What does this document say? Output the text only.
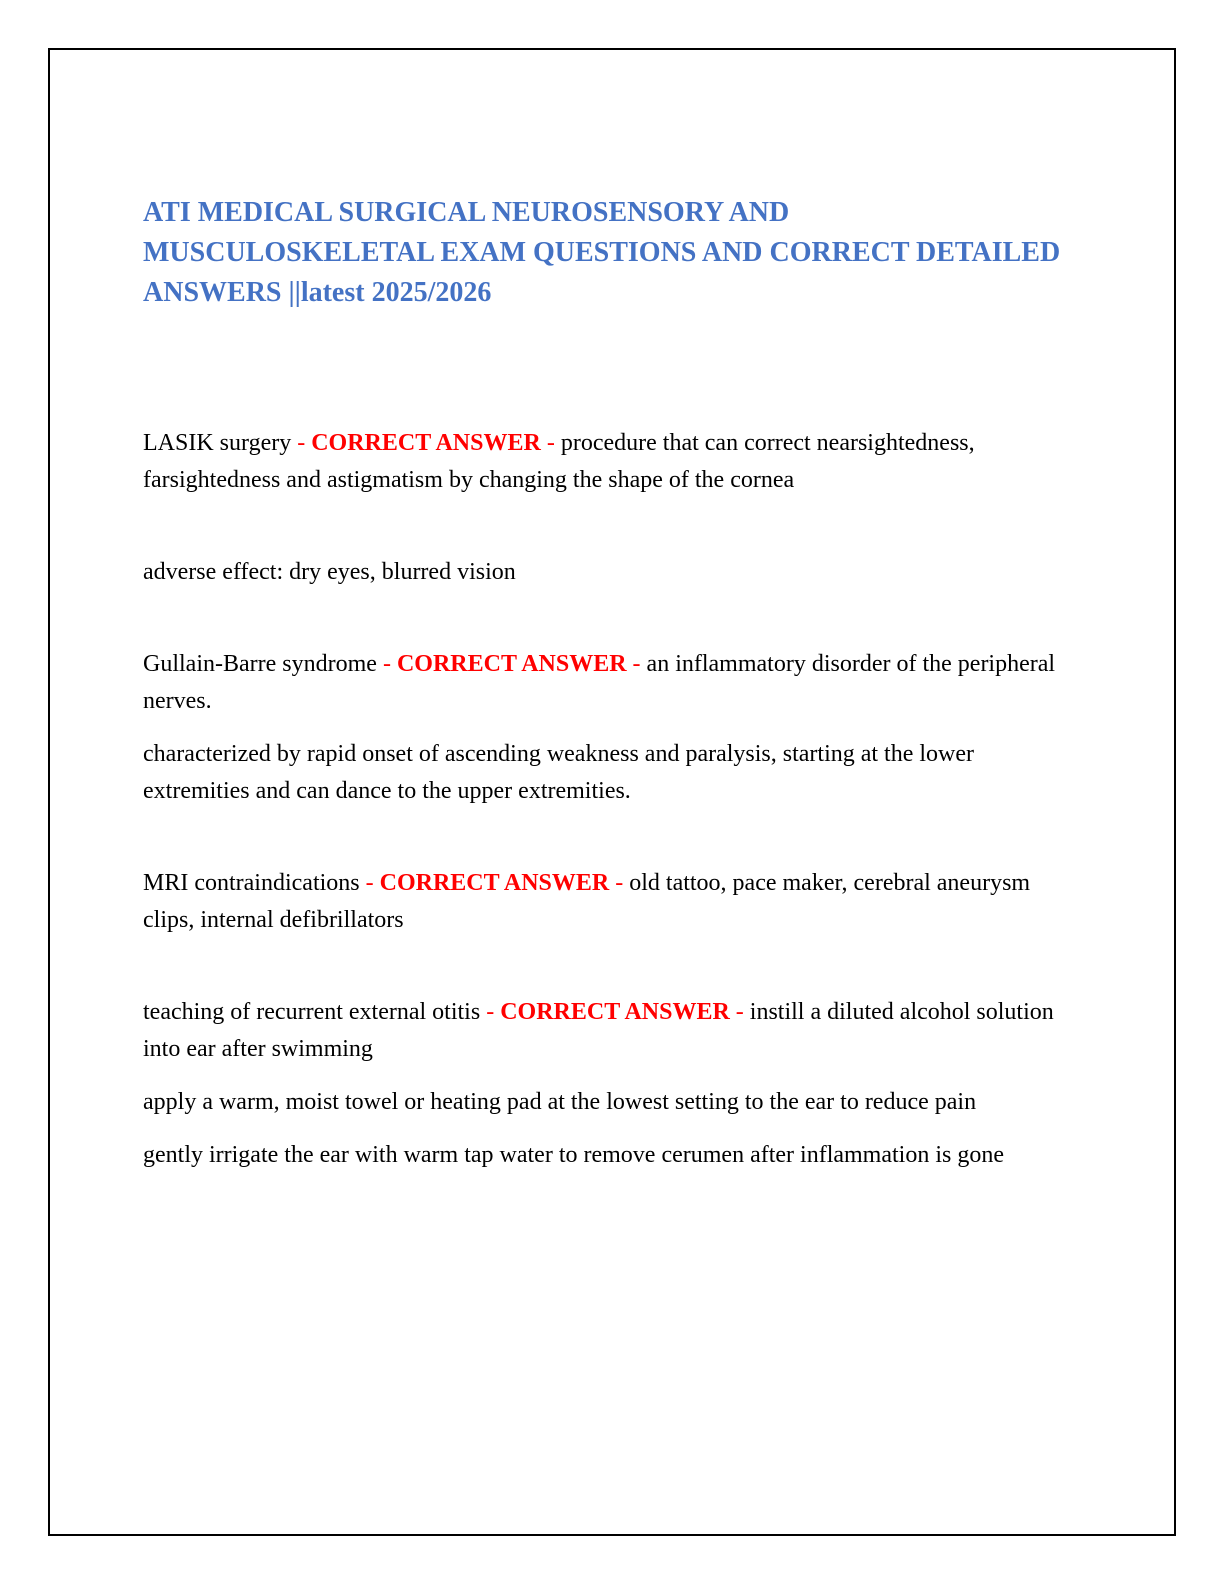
ATI MEDICAL SURGICAL NEUROSENSORY AND
MUSCULOSKELETAL EXAM QUESTIONS AND CORRECT DETAILED
ANSWERS ||latest 2025/2026

LASIK surgery - CORRECT ANSWER - procedure that can correct nearsightedness, farsightedness and astigmatism by changing the shape of the cornea

adverse effect: dry eyes, blurred vision

Gullain-Barre syndrome - CORRECT ANSWER - an inflammatory disorder of the peripheral nerves.

characterized by rapid onset of ascending weakness and paralysis, starting at the lower extremities and can dance to the upper extremities.

MRI contraindications - CORRECT ANSWER - old tattoo, pace maker, cerebral aneurysm clips, internal defibrillators

teaching of recurrent external otitis - CORRECT ANSWER - instill a diluted alcohol solution into ear after swimming

apply a warm, moist towel or heating pad at the lowest setting to the ear to reduce pain

gently irrigate the ear with warm tap water to remove cerumen after inflammation is gone
